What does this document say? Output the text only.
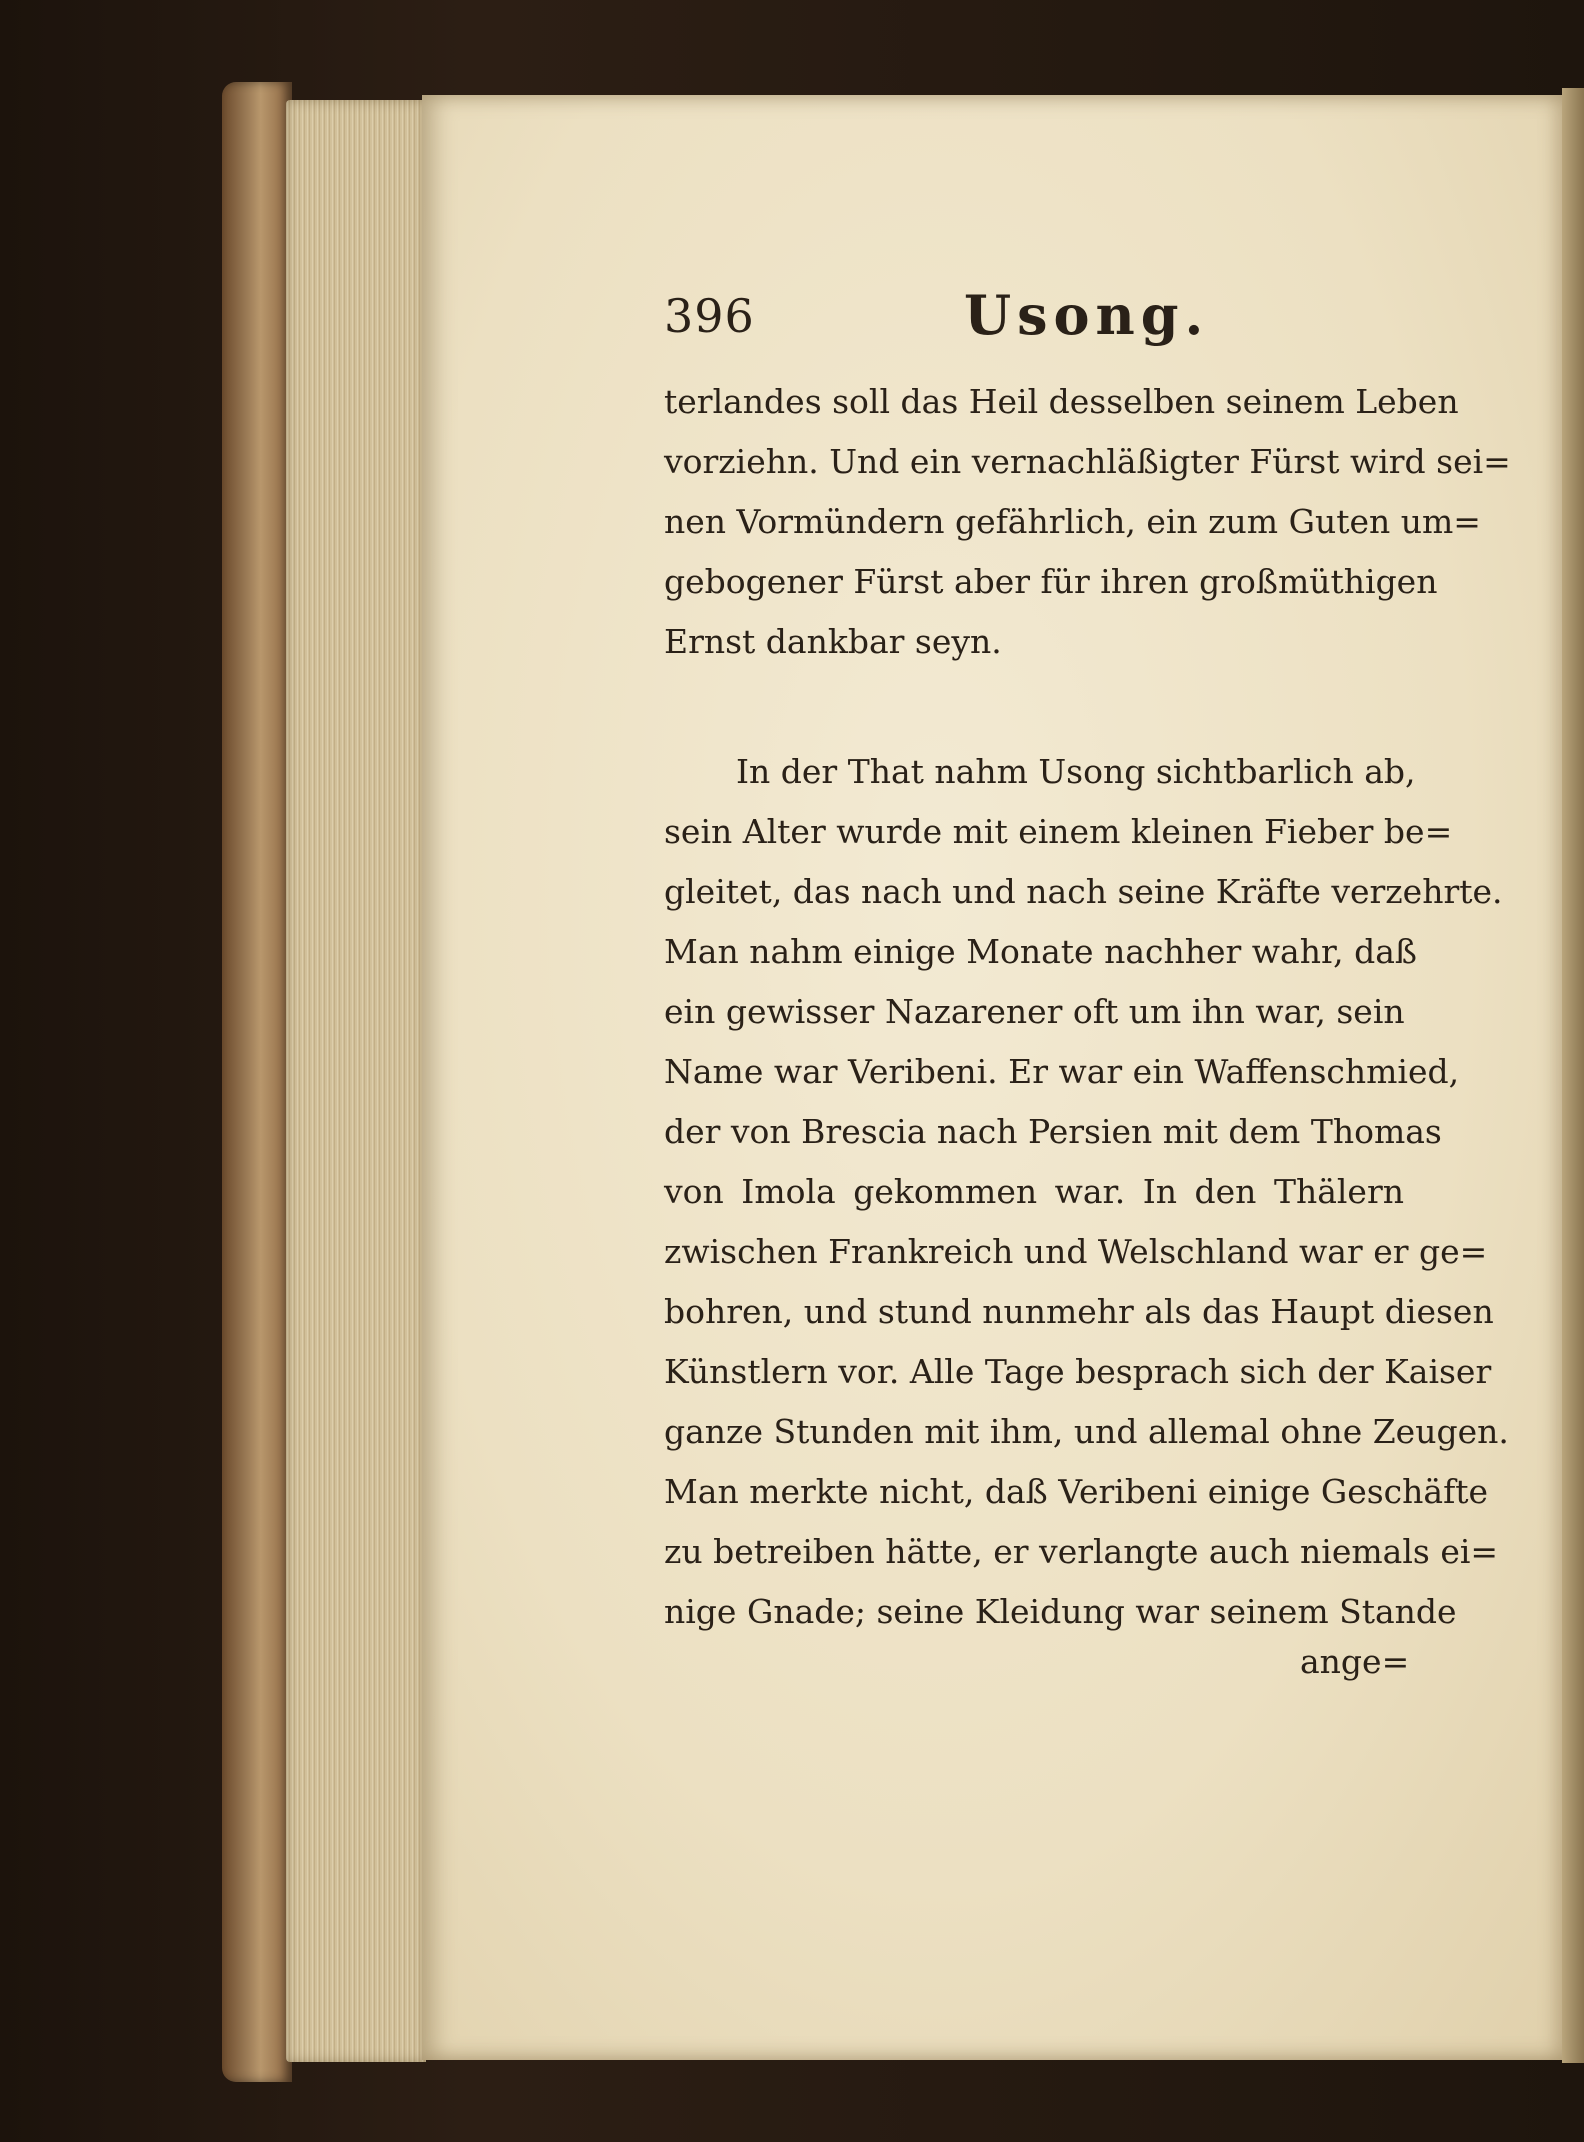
396	Usong.
terlandes soll das Heil desselben seinem Leben
vorziehn. Und ein vernachläßigter Fürst wird sei=
nen Vormündern gefährlich, ein zum Guten um=
gebogener Fürst aber für ihren großmüthigen
Ernst dankbar seyn.
In der That nahm Usong sichtbarlich ab,
sein Alter wurde mit einem kleinen Fieber be=
gleitet, das nach und nach seine Kräfte verzehrte.
Man nahm einige Monate nachher wahr, daß
ein gewisser Nazarener oft um ihn war, sein
Name war Veribeni. Er war ein Waffenschmied,
der von Brescia nach Persien mit dem Thomas
von Imola gekommen war. In den Thälern
zwischen Frankreich und Welschland war er ge=
bohren, und stund nunmehr als das Haupt diesen
Künstlern vor. Alle Tage besprach sich der Kaiser
ganze Stunden mit ihm, und allemal ohne Zeugen.
Man merkte nicht, daß Veribeni einige Geschäfte
zu betreiben hätte, er verlangte auch niemals ei=
nige Gnade; seine Kleidung war seinem Stande
ange=
